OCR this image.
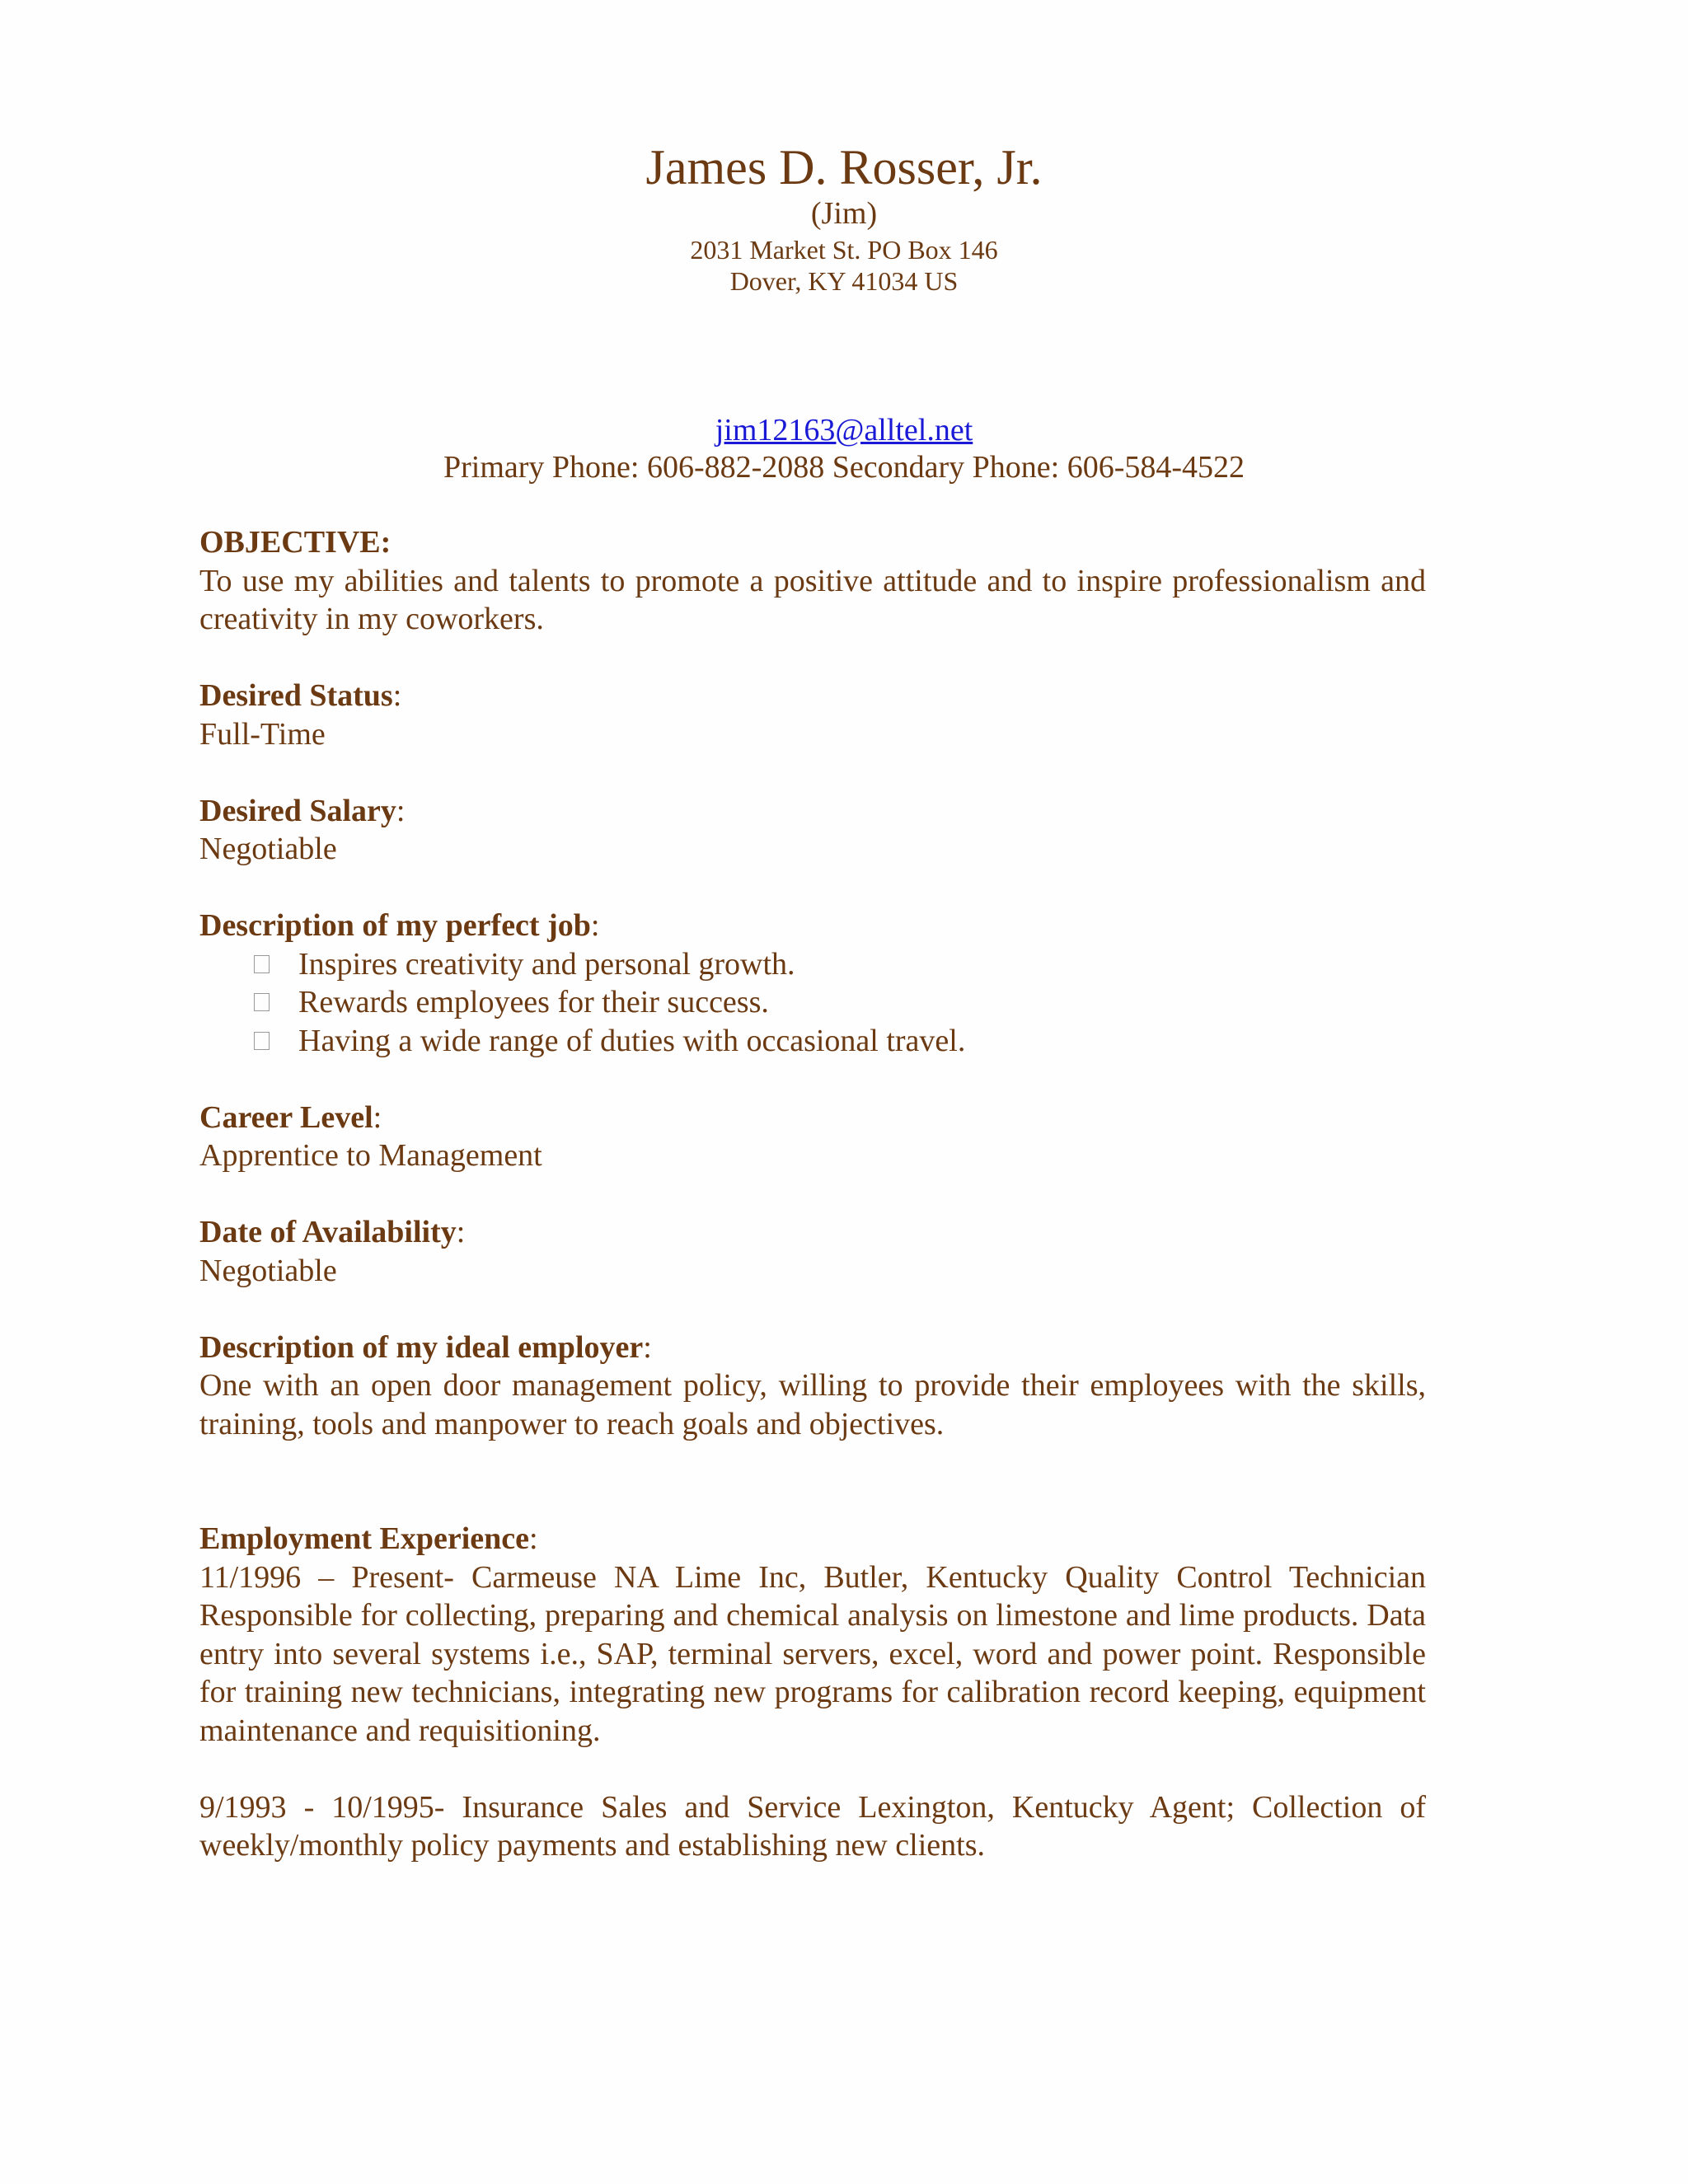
James D. Rosser, Jr.
(Jim)
2031 Market St. PO Box 146
Dover, KY 41034 US
jim12163@alltel.net
Primary Phone: 606-882-2088 Secondary Phone: 606-584-4522
OBJECTIVE:

To use my abilities and talents to promote a positive attitude and to inspire professionalism and creativity in my coworkers.

Desired Status:
Full-Time
Desired Salary:
Negotiable
Description of my perfect job:
Inspires creativity and personal growth.
Rewards employees for their success.
Having a wide range of duties with occasional travel.
Career Level:
Apprentice to Management
Date of Availability:
Negotiable
Description of my ideal employer:

One with an open door management policy, willing to provide their employees with the skills, training, tools and manpower to reach goals and objectives.

Employment Experience:

11/1996 – Present- Carmeuse NA Lime Inc, Butler, Kentucky Quality Control Technician

Responsible for collecting, preparing and chemical analysis on limestone and lime products. Data entry into several systems i.e., SAP, terminal servers, excel, word and power point. Responsible for training new technicians, integrating new programs for calibration record keeping, equipment maintenance and requisitioning.

9/1993 - 10/1995- Insurance Sales and Service Lexington, Kentucky Agent; Collection of weekly/monthly policy payments and establishing new clients.
